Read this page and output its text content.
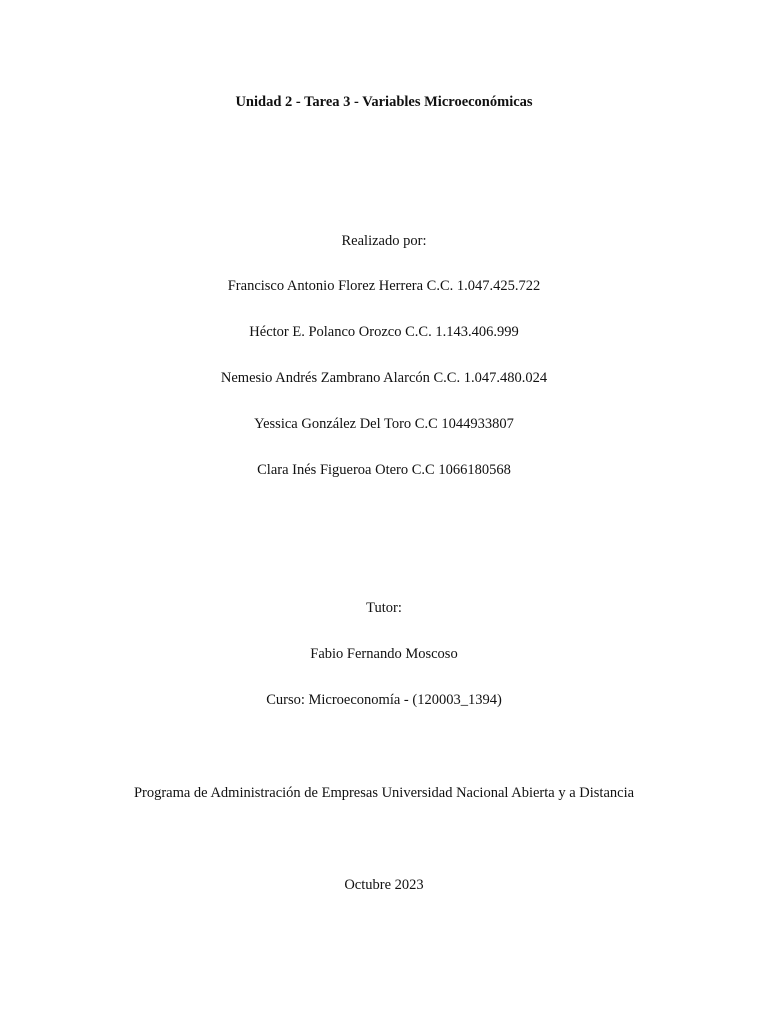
Unidad 2 - Tarea 3 - Variables Microeconómicas
Realizado por:
Francisco Antonio Florez Herrera C.C. 1.047.425.722
Héctor E. Polanco Orozco C.C. 1.143.406.999
Nemesio Andrés Zambrano Alarcón C.C. 1.047.480.024
Yessica González Del Toro C.C 1044933807
Clara Inés Figueroa Otero C.C 1066180568
Tutor:
Fabio Fernando Moscoso
Curso: Microeconomía - (120003_1394)
Programa de Administración de Empresas Universidad Nacional Abierta y a Distancia
Octubre 2023
